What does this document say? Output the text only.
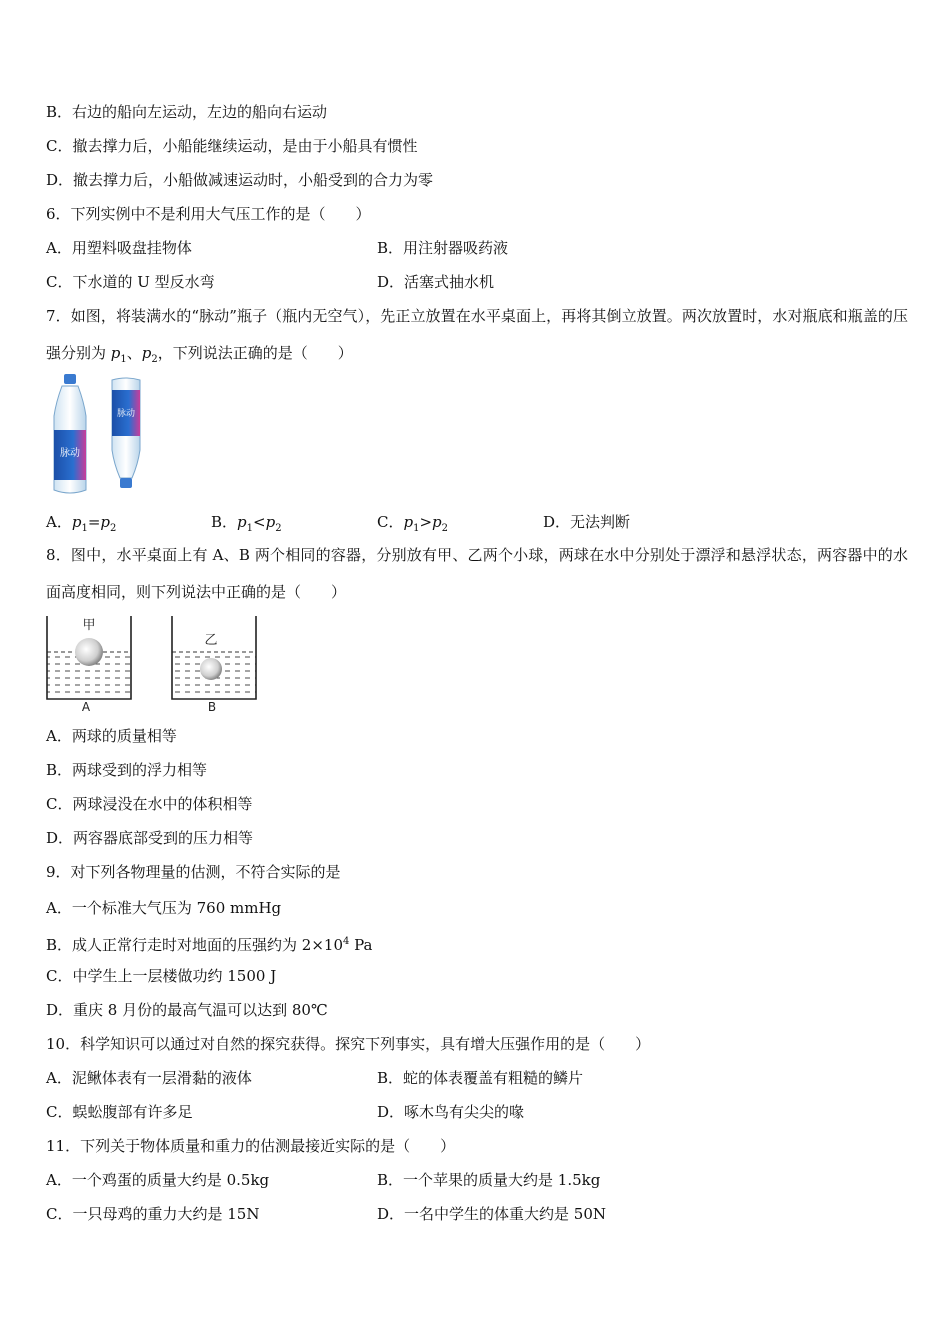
B．右边的船向左运动，左边的船向右运动
C．撤去撑力后，小船能继续运动，是由于小船具有惯性
D．撤去撑力后，小船做减速运动时，小船受到的合力为零
6．下列实例中不是利用大气压工作的是（　　）
A．用塑料吸盘挂物体	B．用注射器吸药液
C．下水道的 U 型反水弯	D．活塞式抽水机
7．如图，将装满水的“脉动”瓶子（瓶内无空气），先正立放置在水平桌面上，再将其倒立放置。两次放置时，水对瓶底和瓶盖的压强分别为 $p_1$、$p_2$，下列说法正确的是（　　）
脉动
脉动
A．$p_1=p_2$	B．$p_1<p_2$	C．$p_1>p_2$	D．无法判断
8．图中，水平桌面上有 A、B 两个相同的容器，分别放有甲、乙两个小球，两球在水中分别处于漂浮和悬浮状态，两容器中的水面高度相同，则下列说法中正确的是（　　）
甲
A
乙
B
A．两球的质量相等
B．两球受到的浮力相等
C．两球浸没在水中的体积相等
D．两容器底部受到的压力相等
9．对下列各物理量的估测，不符合实际的是
A．一个标准大气压为 760 mmHg
B．成人正常行走时对地面的压强约为 $2\times 10^4$ Pa
C．中学生上一层楼做功约 1500 J
D．重庆 8 月份的最高气温可以达到 80℃
10．科学知识可以通过对自然的探究获得。探究下列事实，具有增大压强作用的是（　　）
A．泥鳅体表有一层滑黏的液体	B．蛇的体表覆盖有粗糙的鳞片
C．蜈蚣腹部有许多足	D．啄木鸟有尖尖的喙
11．下列关于物体质量和重力的估测最接近实际的是（　　）
A．一个鸡蛋的质量大约是 0.5kg	B．一个苹果的质量大约是 1.5kg
C．一只母鸡的重力大约是 15N	D．一名中学生的体重大约是 50N
